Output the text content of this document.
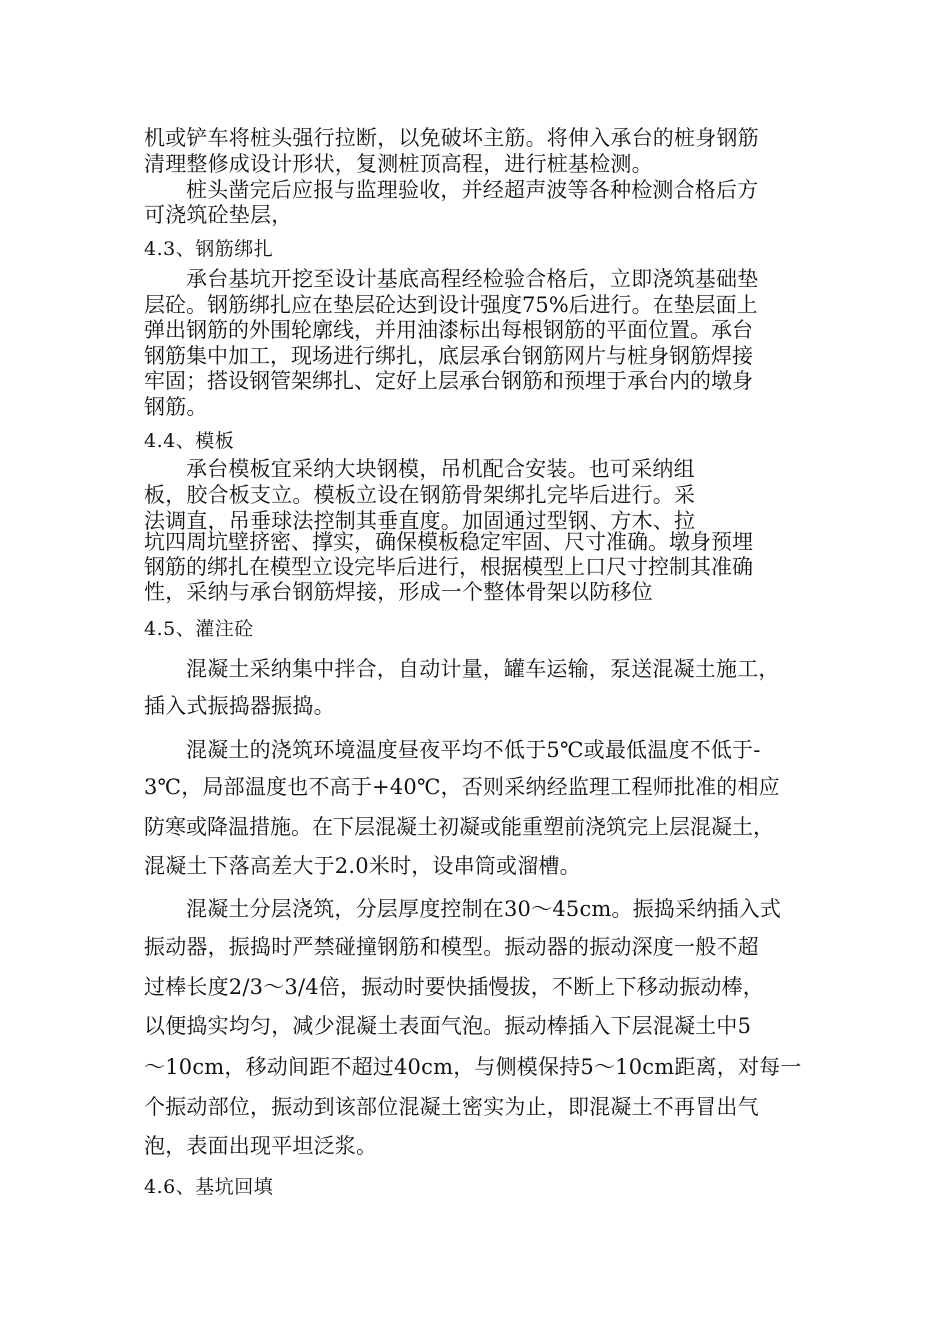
机或铲车将桩头强行拉断，以免破坏主筋。将伸入承台的桩身钢筋
清理整修成设计形状，复测桩顶高程，进行桩基检测。
桩头凿完后应报与监理验收，并经超声波等各种检测合格后方
可浇筑砼垫层，
4.3、钢筋绑扎
承台基坑开挖至设计基底高程经检验合格后，立即浇筑基础垫
层砼。钢筋绑扎应在垫层砼达到设计强度75%后进行。在垫层面上
弹出钢筋的外围轮廓线，并用油漆标出每根钢筋的平面位置。承台
钢筋集中加工，现场进行绑扎，底层承台钢筋网片与桩身钢筋焊接
牢固；搭设钢管架绑扎、定好上层承台钢筋和预埋于承台内的墩身
钢筋。
4.4、模板
承台模板宜采纳大块钢模，吊机配合安装。也可采纳组
板，胶合板支立。模板立设在钢筋骨架绑扎完毕后进行。采
法调直，吊垂球法控制其垂直度。加固通过型钢、方木、拉
坑四周坑壁挤密、撑实，确保模板稳定牢固、尺寸准确。墩身预埋
钢筋的绑扎在模型立设完毕后进行，根据模型上口尺寸控制其准确
性，采纳与承台钢筋焊接，形成一个整体骨架以防移位
4.5、灌注砼
混凝土采纳集中拌合，自动计量，罐车运输，泵送混凝土施工，
插入式振捣器振捣。
混凝土的浇筑环境温度昼夜平均不低于5℃或最低温度不低于-
3℃，局部温度也不高于+40℃，否则采纳经监理工程师批准的相应
防寒或降温措施。在下层混凝土初凝或能重塑前浇筑完上层混凝土，
混凝土下落高差大于2.0米时，设串筒或溜槽。
混凝土分层浇筑，分层厚度控制在30～45cm。振捣采纳插入式
振动器，振捣时严禁碰撞钢筋和模型。振动器的振动深度一般不超
过棒长度2/3～3/4倍，振动时要快插慢拔，不断上下移动振动棒，
以便捣实均匀，减少混凝土表面气泡。振动棒插入下层混凝土中5
～10cm，移动间距不超过40cm，与侧模保持5～10cm距离，对每一
个振动部位，振动到该部位混凝土密实为止，即混凝土不再冒出气
泡，表面出现平坦泛浆。
4.6、基坑回填
